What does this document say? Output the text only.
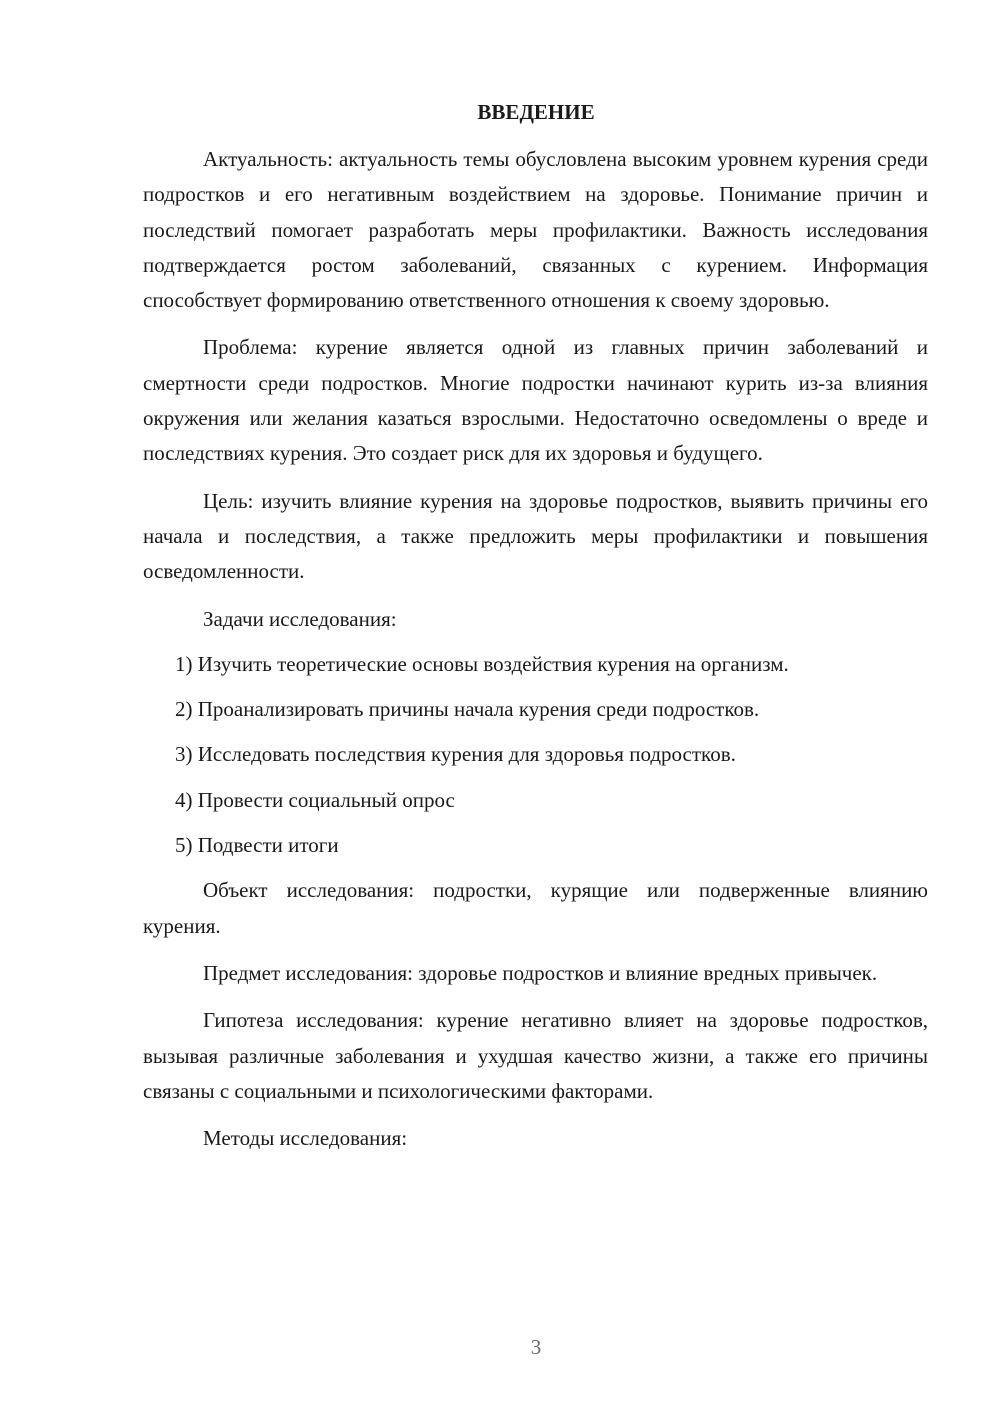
ВВЕДЕНИЕ

Актуальность: актуальность темы обусловлена высоким уровнем курения среди подростков и его негативным воздействием на здоровье. Понимание причин и последствий помогает разработать меры профилактики. Важность исследования подтверждается ростом заболеваний, связанных с курением. Информация способствует формированию ответственного отношения к своему здоровью.

Проблема: курение является одной из главных причин заболеваний и смертности среди подростков. Многие подростки начинают курить из-за влияния окружения или желания казаться взрослыми. Недостаточно осведомлены о вреде и последствиях курения. Это создает риск для их здоровья и будущего.

Цель: изучить влияние курения на здоровье подростков, выявить причины его начала и последствия, а также предложить меры профилактики и повышения осведомленности.

Задачи исследования:

1) Изучить теоретические основы воздействия курения на организм.

2) Проанализировать причины начала курения среди подростков.

3) Исследовать последствия курения для здоровья подростков.

4) Провести социальный опрос

5) Подвести итоги

Объект исследования: подростки, курящие или подверженные влиянию курения.

Предмет исследования: здоровье подростков и влияние вредных привычек.

Гипотеза исследования: курение негативно влияет на здоровье подростков, вызывая различные заболевания и ухудшая качество жизни, а также его причины связаны с социальными и психологическими факторами.

Методы исследования:

3
